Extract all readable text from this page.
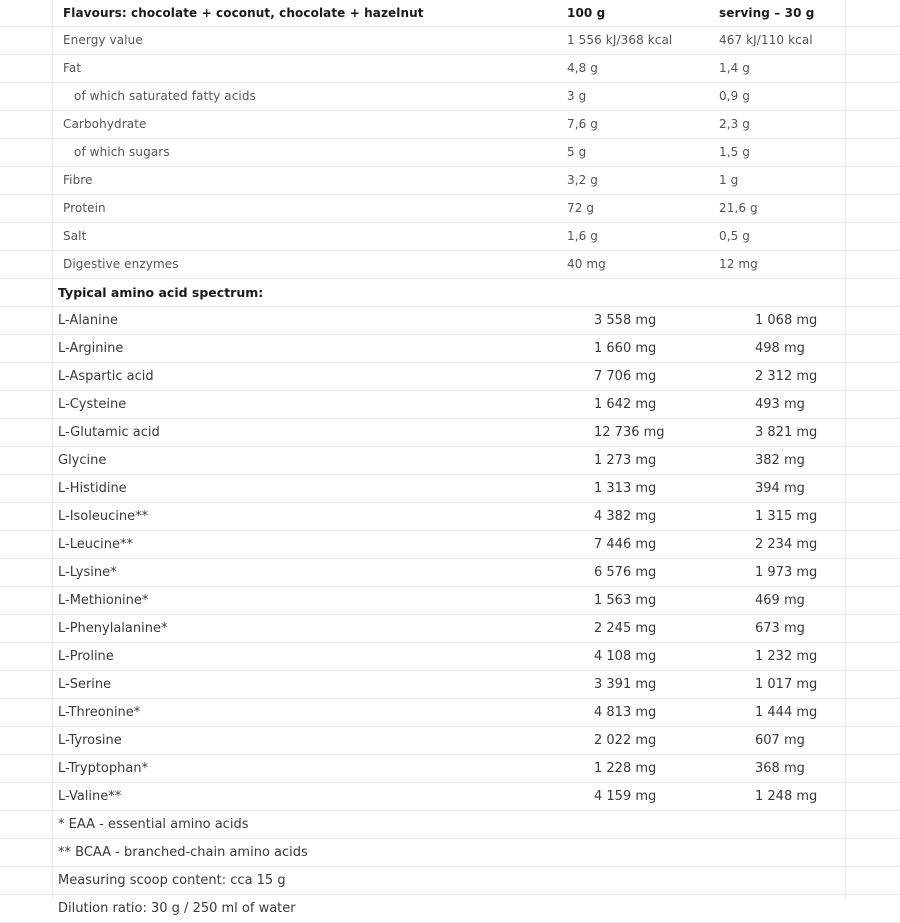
Flavours: chocolate + coconut, chocolate + hazelnut	100 g	serving – 30 g
Energy value	1 556 kJ/368 kcal	467 kJ/110 kcal
Fat	4,8 g	1,4 g
of which saturated fatty acids	3 g	0,9 g
Carbohydrate	7,6 g	2,3 g
of which sugars	5 g	1,5 g
Fibre	3,2 g	1 g
Protein	72 g	21,6 g
Salt	1,6 g	0,5 g
Digestive enzymes	40 mg	12 mg
Typical amino acid spectrum:
L-Alanine	3 558 mg	1 068 mg
L-Arginine	1 660 mg	498 mg
L-Aspartic acid	7 706 mg	2 312 mg
L-Cysteine	1 642 mg	493 mg
L-Glutamic acid	12 736 mg	3 821 mg
Glycine	1 273 mg	382 mg
L-Histidine	1 313 mg	394 mg
L-Isoleucine**	4 382 mg	1 315 mg
L-Leucine**	7 446 mg	2 234 mg
L-Lysine*	6 576 mg	1 973 mg
L-Methionine*	1 563 mg	469 mg
L-Phenylalanine*	2 245 mg	673 mg
L-Proline	4 108 mg	1 232 mg
L-Serine	3 391 mg	1 017 mg
L-Threonine*	4 813 mg	1 444 mg
L-Tyrosine	2 022 mg	607 mg
L-Tryptophan*	1 228 mg	368 mg
L-Valine**	4 159 mg	1 248 mg
* EAA - essential amino acids
** BCAA - branched-chain amino acids
Measuring scoop content: cca 15 g
Dilution ratio: 30 g / 250 ml of water
